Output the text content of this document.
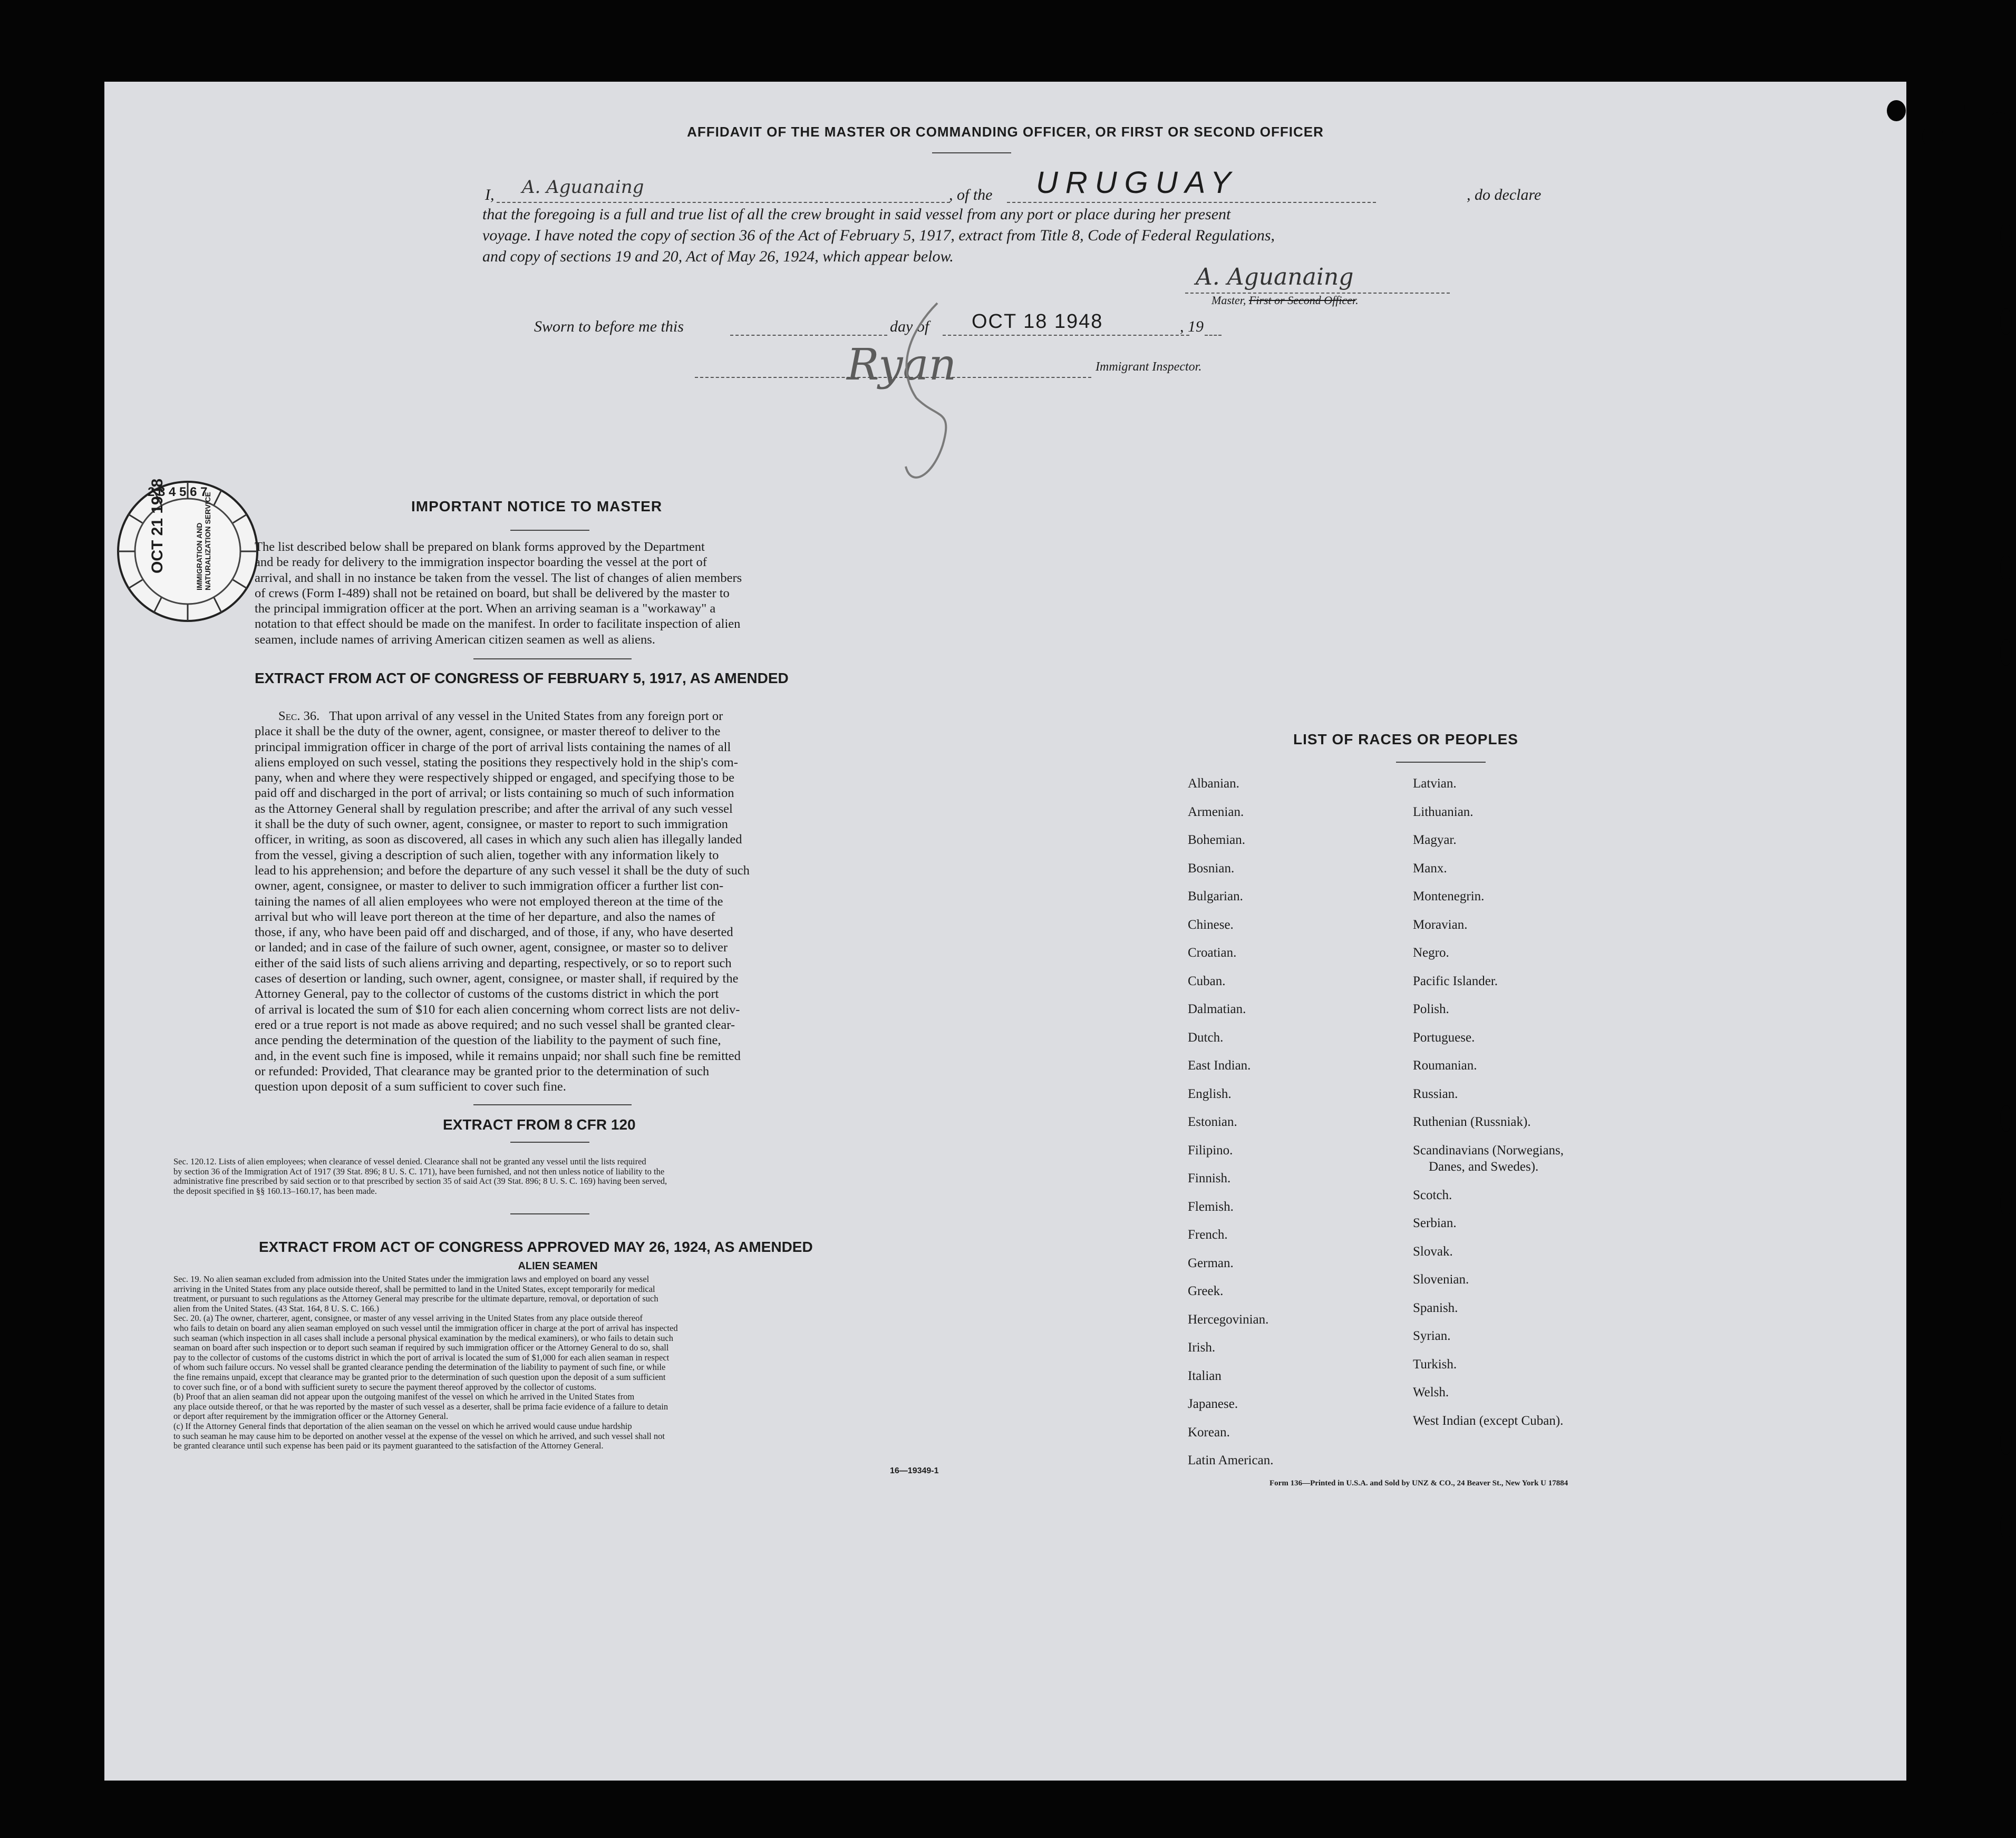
AFFIDAVIT OF THE MASTER OR COMMANDING OFFICER, OR FIRST OR SECOND OFFICER
I, A. Aguanaing	, of the URUGUAY	, do declare
that the foregoing is a full and true list of all the crew brought in said vessel from any port or place during her present
voyage. I have noted the copy of section 36 of the Act of February 5, 1917, extract from Title 8, Code of Federal Regulations,
and copy of sections 19 and 20, Act of May 26, 1924, which appear below.
A. Aguanaing
Master, First or Second Officer.
Sworn to before me this	day of OCT 18 1948	, 19
Ryan	Immigrant Inspector.
2 3 4 5 6 7
OCT 21 1948	IMMIGRATION AND NATURALIZATION SERVICE	IMPORTANT NOTICE TO MASTER
The list described below shall be prepared on blank forms approved by the Department
and be ready for delivery to the immigration inspector boarding the vessel at the port of
arrival, and shall in no instance be taken from the vessel. The list of changes of alien members
of crews (Form I-489) shall not be retained on board, but shall be delivered by the master to
the principal immigration officer at the port. When an arriving seaman is a "workaway" a
notation to that effect should be made on the manifest. In order to facilitate inspection of alien
seamen, include names of arriving American citizen seamen as well as aliens.
EXTRACT FROM ACT OF CONGRESS OF FEBRUARY 5, 1917, AS AMENDED
Sec. 36. That upon arrival of any vessel in the United States from any foreign port or
place it shall be the duty of the owner, agent, consignee, or master thereof to deliver to the
principal immigration officer in charge of the port of arrival lists containing the names of all
aliens employed on such vessel, stating the positions they respectively hold in the ship's com-
pany, when and where they were respectively shipped or engaged, and specifying those to be
paid off and discharged in the port of arrival; or lists containing so much of such information
as the Attorney General shall by regulation prescribe; and after the arrival of any such vessel
it shall be the duty of such owner, agent, consignee, or master to report to such immigration
officer, in writing, as soon as discovered, all cases in which any such alien has illegally landed
from the vessel, giving a description of such alien, together with any information likely to
lead to his apprehension; and before the departure of any such vessel it shall be the duty of such
owner, agent, consignee, or master to deliver to such immigration officer a further list con-
taining the names of all alien employees who were not employed thereon at the time of the
arrival but who will leave port thereon at the time of her departure, and also the names of
those, if any, who have been paid off and discharged, and of those, if any, who have deserted
or landed; and in case of the failure of such owner, agent, consignee, or master so to deliver
either of the said lists of such aliens arriving and departing, respectively, or so to report such
cases of desertion or landing, such owner, agent, consignee, or master shall, if required by the
Attorney General, pay to the collector of customs of the customs district in which the port
of arrival is located the sum of $10 for each alien concerning whom correct lists are not deliv-
ered or a true report is not made as above required; and no such vessel shall be granted clear-
ance pending the determination of the question of the liability to the payment of such fine,
and, in the event such fine is imposed, while it remains unpaid; nor shall such fine be remitted
or refunded: Provided, That clearance may be granted prior to the determination of such
question upon deposit of a sum sufficient to cover such fine.
EXTRACT FROM 8 CFR 120
Sec. 120.12. Lists of alien employees; when clearance of vessel denied. Clearance shall not be granted any vessel until the lists required
by section 36 of the Immigration Act of 1917 (39 Stat. 896; 8 U. S. C. 171), have been furnished, and not then unless notice of liability to the
administrative fine prescribed by said section or to that prescribed by section 35 of said Act (39 Stat. 896; 8 U. S. C. 169) having been served,
the deposit specified in §§ 160.13–160.17, has been made.
EXTRACT FROM ACT OF CONGRESS APPROVED MAY 26, 1924, AS AMENDED
ALIEN SEAMEN
Sec. 19. No alien seaman excluded from admission into the United States under the immigration laws and employed on board any vessel
arriving in the United States from any place outside thereof, shall be permitted to land in the United States, except temporarily for medical
treatment, or pursuant to such regulations as the Attorney General may prescribe for the ultimate departure, removal, or deportation of such
alien from the United States. (43 Stat. 164, 8 U. S. C. 166.)
Sec. 20. (a) The owner, charterer, agent, consignee, or master of any vessel arriving in the United States from any place outside thereof
who fails to detain on board any alien seaman employed on such vessel until the immigration officer in charge at the port of arrival has inspected
such seaman (which inspection in all cases shall include a personal physical examination by the medical examiners), or who fails to detain such
seaman on board after such inspection or to deport such seaman if required by such immigration officer or the Attorney General to do so, shall
pay to the collector of customs of the customs district in which the port of arrival is located the sum of $1,000 for each alien seaman in respect
of whom such failure occurs. No vessel shall be granted clearance pending the determination of the liability to payment of such fine, or while
the fine remains unpaid, except that clearance may be granted prior to the determination of such question upon the deposit of a sum sufficient
to cover such fine, or of a bond with sufficient surety to secure the payment thereof approved by the collector of customs.
(b) Proof that an alien seaman did not appear upon the outgoing manifest of the vessel on which he arrived in the United States from
any place outside thereof, or that he was reported by the master of such vessel as a deserter, shall be prima facie evidence of a failure to detain
or deport after requirement by the immigration officer or the Attorney General.
(c) If the Attorney General finds that deportation of the alien seaman on the vessel on which he arrived would cause undue hardship
to such seaman he may cause him to be deported on another vessel at the expense of the vessel on which he arrived, and such vessel shall not
be granted clearance until such expense has been paid or its payment guaranteed to the satisfaction of the Attorney General.
16—19349-1
LIST OF RACES OR PEOPLES
Albanian.
Armenian.
Bohemian.
Bosnian.
Bulgarian.
Chinese.
Croatian.
Cuban.
Dalmatian.
Dutch.
East Indian.
English.
Estonian.
Filipino.
Finnish.
Flemish.
French.
German.
Greek.
Hercegovinian.
Irish.
Italian
Japanese.
Korean.
Latin American.
Latvian.
Lithuanian.
Magyar.
Manx.
Montenegrin.
Moravian.
Negro.
Pacific Islander.
Polish.
Portuguese.
Roumanian.
Russian.
Ruthenian (Russniak).
Scandinavians (Norwegians,
Danes, and Swedes).
Scotch.
Serbian.
Slovak.
Slovenian.
Spanish.
Syrian.
Turkish.
Welsh.
West Indian (except Cuban).
Form 136—Printed in U.S.A. and Sold by UNZ & CO., 24 Beaver St., New York U 17884
